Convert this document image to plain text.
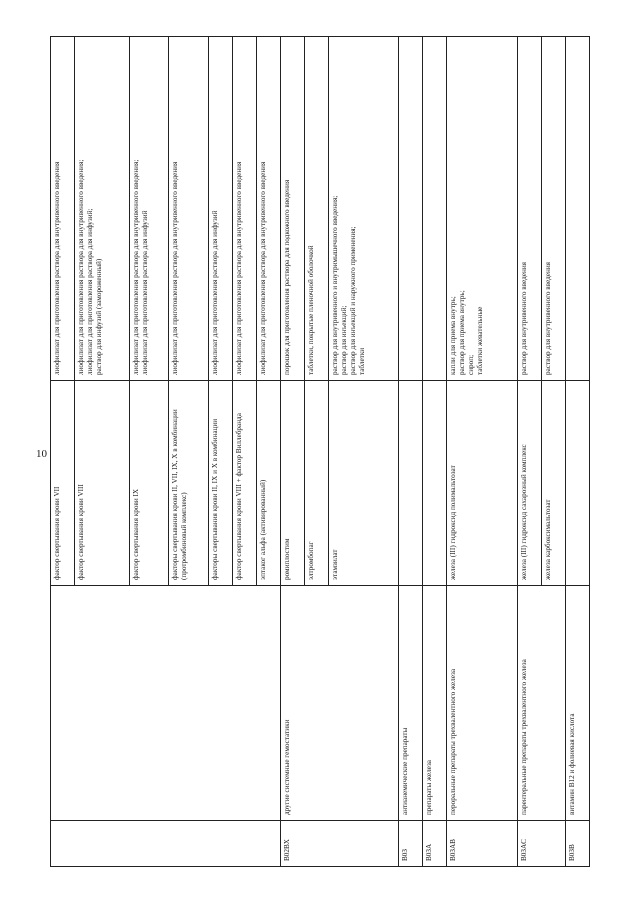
10
		фактор свертывания крови VII	лиофилизат для приготовления раствора для внутривенного введения

		фактор свертывания крови VIII	лиофилизат для приготовления раствора для внутривенного введения; лиофилизат для приготовления раствора для инфузий; раствор для инфузий (замороженный)

		фактор свертывания крови IX	лиофилизат для приготовления раствора для внутривенного введения; лиофилизат для приготовления раствора для инфузий

		факторы свертывания крови II, VII, IX, X в комбинации (протромбиновый комплекс)	лиофилизат для приготовления раствора для внутривенного введения

		факторы свертывания крови II, IX и X в комбинации	лиофилизат для приготовления раствора для инфузий

		фактор свертывания крови VIII + фактор Виллебранда	лиофилизат для приготовления раствора для внутривенного введения

		эптаког альфа (активированный)	лиофилизат для приготовления раствора для внутривенного введения

B02BX	другие системные гемостатики	ромиплостим	порошок для приготовления раствора для подкожного введения

		элтромбопаг	таблетки, покрытые пленочной оболочкой

		этамзилат	раствор для внутривенного и внутримышечного введения; раствор для инъекций; раствор для инъекций и наружного применения; таблетки

B03	антианемические препараты		
B03A	препараты железа		
B03AB	пероральные препараты трехвалентного железа	железа (III) гидроксид полимальтозат	капли для приема внутрь; раствор для приема внутрь; сироп; таблетки жевательные

B03AC	парентеральные препараты трехвалентного железа	железа (III) гидроксид сахарозный комплекс	раствор для внутривенного введения

		железа карбоксимальтозат	раствор для внутривенного введения

B03B	витамин B12 и фолиевая кислота		
